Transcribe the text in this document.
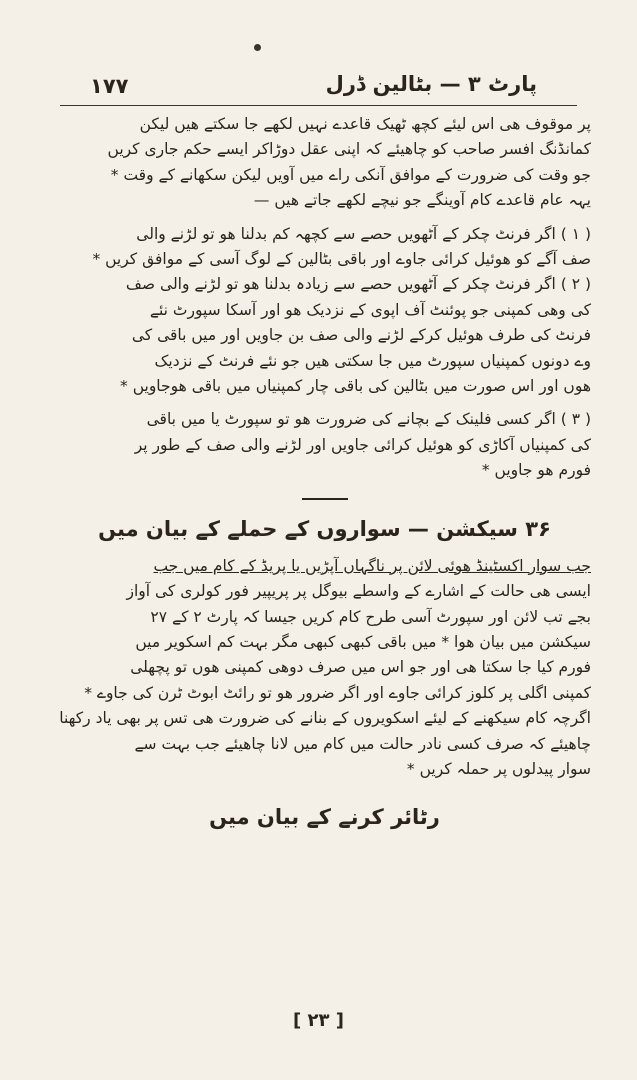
۱۷۷	پارٹ ۳ — بٹالین ڈرل
پر موقوف ھی اس لیئے کچھ ٹھیک قاعدے نہیں لکھے جا سکتے ھیں لیکن
کمانڈنگ افسر صاحب کو چاھیئے کہ اپنی عقل دوڑاکر ایسے حکم جاری کریں
جو وقت کی ضرورت کے موافق آنکی راے میں آویں لیکن سکھانے کے وقت *
یہہ عام قاعدے کام آوینگے جو نیچے لکھے جاتے ھیں —
( ۱ ) اگر فرنٹ چکر کے آٹھویں حصے سے کچھہ کم بدلنا ھو تو لڑنے والی
صف آگے کو ھوئیل کرائی جاوے اور باقی بٹالین کے لوگ آسی کے موافق کریں *
( ۲ ) اگر فرنٹ چکر کے آٹھویں حصے سے زیادہ بدلنا ھو تو لڑنے والی صف
کی وھی کمپنی جو پوئنٹ آف اپوی کے نزدیک ھو اور آسکا سپورٹ نئے
فرنٹ کی طرف ھوئیل کرکے لڑنے والی صف بن جاویں اور میں باقی کی
وے دونوں کمپنیاں سپورٹ میں جا سکتی ھیں جو نئے فرنٹ کے نزدیک
ھوں اور اس صورت میں بٹالین کی باقی چار کمپنیاں میں باقی ھوجاویں *
( ۳ ) اگر کسی فلینک کے بچانے کی ضرورت ھو تو سپورٹ یا میں باقی
کی کمپنیاں آکاڑی کو ھوئیل کرائی جاویں اور لڑنے والی صف کے طور پر
فورم ھو جاویں *
۳۶ سیکشن — سواروں کے حملے کے بیان میں
جب سوار اکسٹینڈ ھوئی لائن پر ناگہاں آپڑیں یا پریڈ کے کام میں جب
ایسی ھی حالت کے اشارے کے واسطے بیوگل پر پریپیر فور کولری کی آواز
بجے تب لائن اور سپورٹ آسی طرح کام کریں جیسا کہ پارٹ ۲ کے ۲۷
سیکشن میں بیان ھوا * میں باقی کبھی کبھی مگر بہت کم اسکویر میں
فورم کیا جا سکتا ھی اور جو اس میں صرف دوھی کمپنی ھوں تو پچھلی
کمپنی اگلی پر کلوز کرائی جاوے اور اگر ضرور ھو تو رائٹ ابوٹ ٹرن کی جاوے *
اگرچہ کام سیکھنے کے لیئے اسکویروں کے بنانے کی ضرورت ھی تس پر بھی یاد رکھنا
چاھیئے کہ صرف کسی نادر حالت میں کام میں لانا چاھیئے جب بہت سے
سوار پیدلوں پر حملہ کریں *
رٹائر کرنے کے بیان میں
[ ۲۳ ]
